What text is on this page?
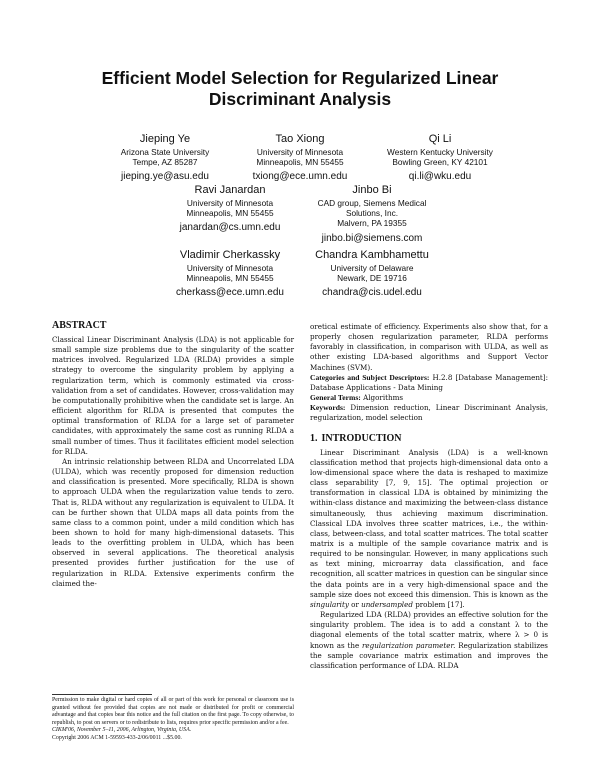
Efficient Model Selection for Regularized Linear Discriminant Analysis
Jieping Ye
Arizona State University
Tempe, AZ 85287
jieping.ye@asu.edu
Tao Xiong
University of Minnesota
Minneapolis, MN 55455
txiong@ece.umn.edu
Qi Li
Western Kentucky University
Bowling Green, KY 42101
qi.li@wku.edu
Ravi Janardan
University of Minnesota
Minneapolis, MN 55455
janardan@cs.umn.edu
Jinbo Bi
CAD group, Siemens Medical
Solutions, Inc.
Malvern, PA 19355
jinbo.bi@siemens.com
Vladimir Cherkassky
University of Minnesota
Minneapolis, MN 55455
cherkass@ece.umn.edu
Chandra Kambhamettu
University of Delaware
Newark, DE 19716
chandra@cis.udel.edu
ABSTRACT

Classical Linear Discriminant Analysis (LDA) is not applicable for small sample size problems due to the singularity of the scatter matrices involved. Regularized LDA (RLDA) provides a simple strategy to overcome the singularity problem by applying a regularization term, which is commonly estimated via cross-validation from a set of candidates. However, cross-validation may be computationally prohibitive when the candidate set is large. An efficient algorithm for RLDA is presented that computes the optimal transformation of RLDA for a large set of parameter candidates, with approximately the same cost as running RLDA a small number of times. Thus it facilitates efficient model selection for RLDA.

An intrinsic relationship between RLDA and Uncorrelated LDA (ULDA), which was recently proposed for dimension reduction and classification is presented. More specifically, RLDA is shown to approach ULDA when the regularization value tends to zero. That is, RLDA without any regularization is equivalent to ULDA. It can be further shown that ULDA maps all data points from the same class to a common point, under a mild condition which has been shown to hold for many high-dimensional datasets. This leads to the overfitting problem in ULDA, which has been observed in several applications. The theoretical analysis presented provides further justification for the use of regularization in RLDA. Extensive experiments confirm the claimed the-

Permission to make digital or hard copies of all or part of this work for personal or classroom use is granted without fee provided that copies are not made or distributed for profit or commercial advantage and that copies bear this notice and the full citation on the first page. To copy otherwise, to republish, to post on servers or to redistribute to lists, requires prior specific permission and/or a fee.

CIKM'06, November 5–11, 2006, Arlington, Virginia, USA.

Copyright 2006 ACM 1-59593-433-2/06/0011 ...$5.00.

oretical estimate of efficiency. Experiments also show that, for a properly chosen regularization parameter, RLDA performs favorably in classification, in comparison with ULDA, as well as other existing LDA-based algorithms and Support Vector Machines (SVM).

Categories and Subject Descriptors: H.2.8 [Database Management]: Database Applications - Data Mining

General Terms: Algorithms

Keywords: Dimension reduction, Linear Discriminant Analysis, regularization, model selection

1. INTRODUCTION

Linear Discriminant Analysis (LDA) is a well-known classification method that projects high-dimensional data onto a low-dimensional space where the data is reshaped to maximize class separability [7, 9, 15]. The optimal projection or transformation in classical LDA is obtained by minimizing the within-class distance and maximizing the between-class distance simultaneously, thus achieving maximum discrimination. Classical LDA involves three scatter matrices, i.e., the within-class, between-class, and total scatter matrices. The total scatter matrix is a multiple of the sample covariance matrix and is required to be nonsingular. However, in many applications such as text mining, microarray data classification, and face recognition, all scatter matrices in question can be singular since the data points are in a very high-dimensional space and the sample size does not exceed this dimension. This is known as the singularity or undersampled problem [17].

Regularized LDA (RLDA) provides an effective solution for the singularity problem. The idea is to add a constant λ to the diagonal elements of the total scatter matrix, where λ > 0 is known as the regularization parameter. Regularization stabilizes the sample covariance matrix estimation and improves the classification performance of LDA. RLDA
